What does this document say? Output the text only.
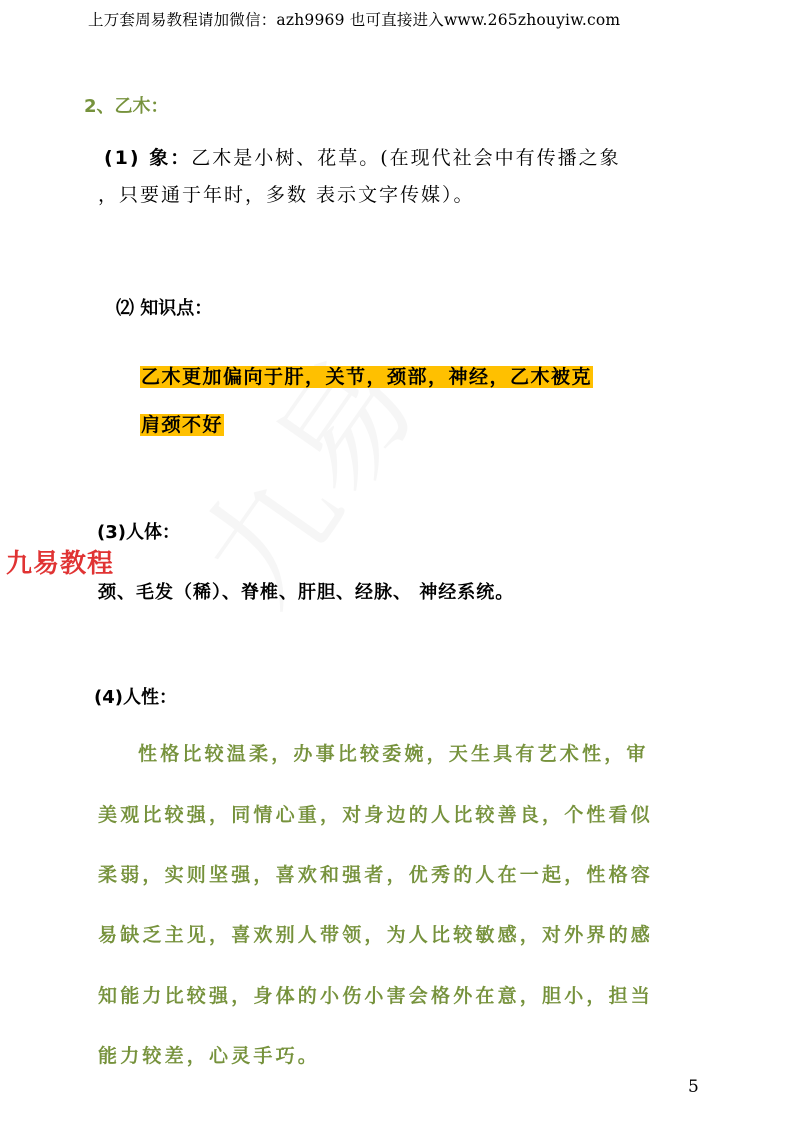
上万套周易教程请加微信：azh9969 也可直接进入www.265zhouyiw.com
2、乙木：
(1) 象：乙木是小树、花草。(在现代社会中有传播之象
，只要通于年时，多数 表示文字传媒）。
⑵ 知识点：
乙木更加偏向于肝，关节，颈部，神经，乙木被克
肩颈不好
(3)人体：
九易教程
颈、毛发（稀）、脊椎、肝胆、经脉、 神经系统。
(4)人性：
性格比较温柔，办事比较委婉，天生具有艺术性，审
美观比较强，同情心重，对身边的人比较善良，个性看似
柔弱，实则坚强，喜欢和强者，优秀的人在一起，性格容
易缺乏主见，喜欢别人带领，为人比较敏感，对外界的感
知能力比较强，身体的小伤小害会格外在意，胆小，担当
能力较差，心灵手巧。
5
